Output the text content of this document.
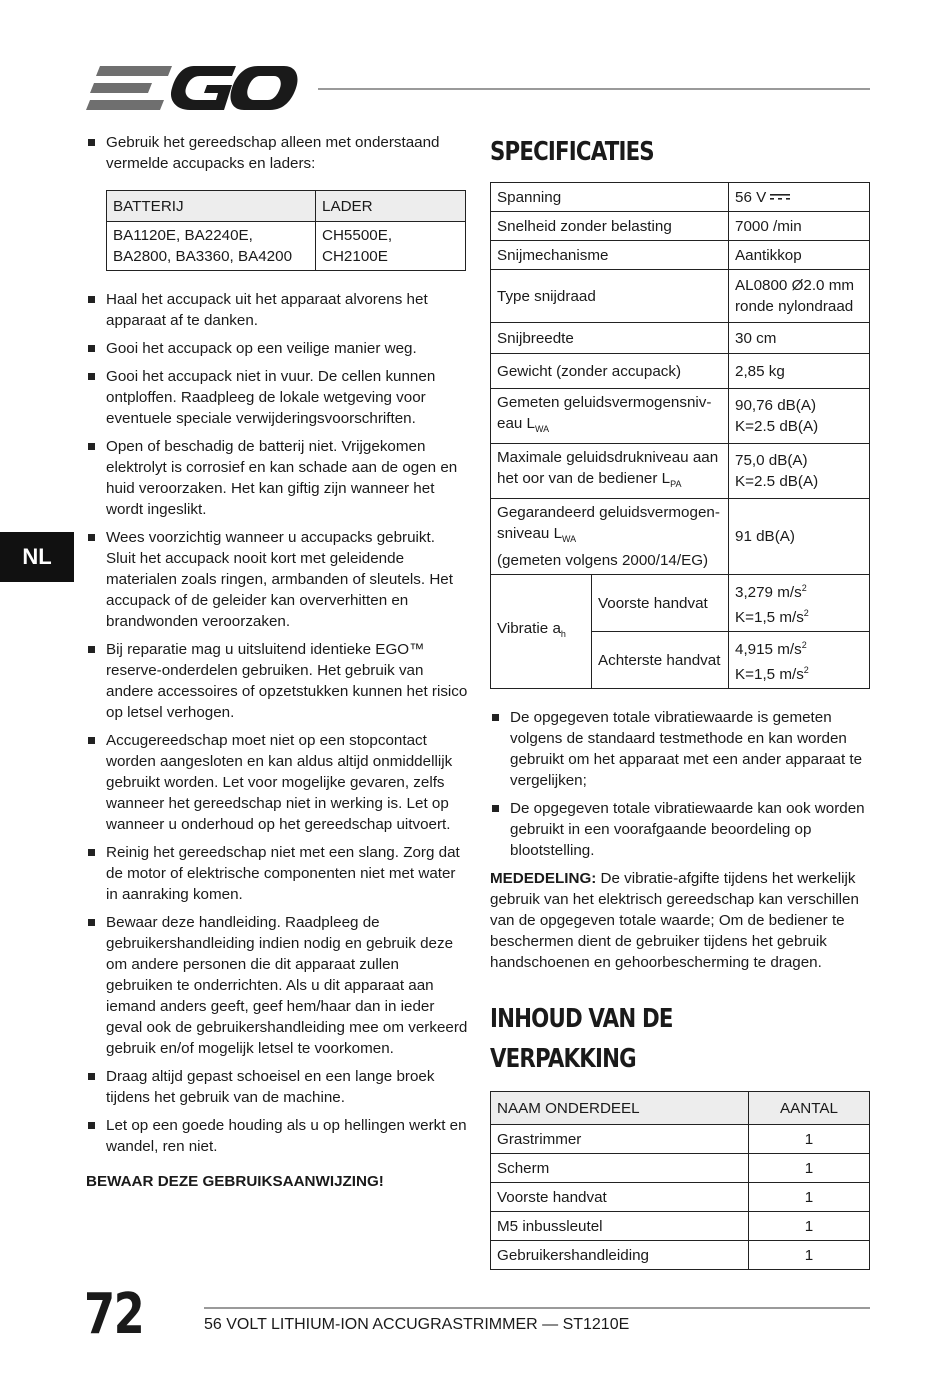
EGO
NL
Gebruik het gereedschap alleen met onderstaand vermelde accupacks en laders:
BATTERIJ	LADER
BA1120E, BA2240E, BA2800, BA3360, BA4200	CH5500E, CH2100E
Haal het accupack uit het apparaat alvorens het apparaat af te danken.
Gooi het accupack op een veilige manier weg.
Gooi het accupack niet in vuur. De cellen kunnen ontploffen. Raadpleeg de lokale wetgeving voor eventuele speciale verwijderingsvoorschriften.
Open of beschadig de batterij niet. Vrijgekomen elektrolyt is corrosief en kan schade aan de ogen en huid veroorzaken. Het kan giftig zijn wanneer het wordt ingeslikt.
Wees voorzichtig wanneer u accupacks gebruikt. Sluit het accupack nooit kort met geleidende materialen zoals ringen, armbanden of sleutels. Het accupack of de geleider kan oververhitten en brandwonden veroorzaken.
Bij reparatie mag u uitsluitend identieke EGO™ reserve-onderdelen gebruiken. Het gebruik van andere accessoires of opzetstukken kunnen het risico op letsel verhogen.
Accugereedschap moet niet op een stopcontact worden aangesloten en kan aldus altijd onmiddellijk gebruikt worden. Let voor mogelijke gevaren, zelfs wanneer het gereedschap niet in werking is. Let op wanneer u onderhoud op het gereedschap uitvoert.
Reinig het gereedschap niet met een slang. Zorg dat de motor of elektrische componenten niet met water in aanraking komen.
Bewaar deze handleiding. Raadpleeg de gebruikershandleiding indien nodig en gebruik deze om andere personen die dit apparaat zullen gebruiken te onderrichten. Als u dit apparaat aan iemand anders geeft, geef hem/haar dan in ieder geval ook de gebruikershandleiding mee om verkeerd gebruik en/of mogelijk letsel te voorkomen.
Draag altijd gepast schoeisel en een lange broek tijdens het gebruik van de machine.
Let op een goede houding als u op hellingen werkt en wandel, ren niet.
BEWAAR DEZE GEBRUIKSAANWIJZING!
SPECIFICATIES
Spanning		56 V
Snelheid zonder belasting		7000 /min
Snijmechanisme		Aantikkop
Type snijdraad		AL0800 Ø2.0 mm ronde nylondraad
Snijbreedte		30 cm
Gewicht (zonder accupack)		2,85 kg
Gemeten geluidsvermogensniv-eau $L_{WA}$		90,76 dB(A)
K=2.5 dB(A)

Maximale geluidsdrukniveau aan het oor van de bediener $L_{PA}$		75,0 dB(A)
K=2.5 dB(A)

Gegarandeerd geluidsvermogen-sniveau $L_{WA}$
(gemeten volgens 2000/14/EG)		91 dB(A)
Vibratie $a_h$	Voorste handvat	3,279 $m/s^2$
K=1,5 $m/s^2$

	Achterste handvat	4,915 $m/s^2$
K=1,5 $m/s^2$
De opgegeven totale vibratiewaarde is gemeten volgens de standaard testmethode en kan worden gebruikt om het apparaat met een ander apparaat te vergelijken;
De opgegeven totale vibratiewaarde kan ook worden gebruikt in een voorafgaande beoordeling op blootstelling.

MEDEDELING: De vibratie-afgifte tijdens het werkelijk gebruik van het elektrisch gereedschap kan verschillen van de opgegeven totale waarde; Om de bediener te beschermen dient de gebruiker tijdens het gebruik handschoenen en gehoorbescherming te dragen.

INHOUD VAN DE VERPAKKING
NAAM ONDERDEEL	AANTAL
Grastrimmer	1
Scherm	1
Voorste handvat	1
M5 inbussleutel	1
Gebruikershandleiding	1
72	56 VOLT LITHIUM-ION ACCUGRASTRIMMER — ST1210E
